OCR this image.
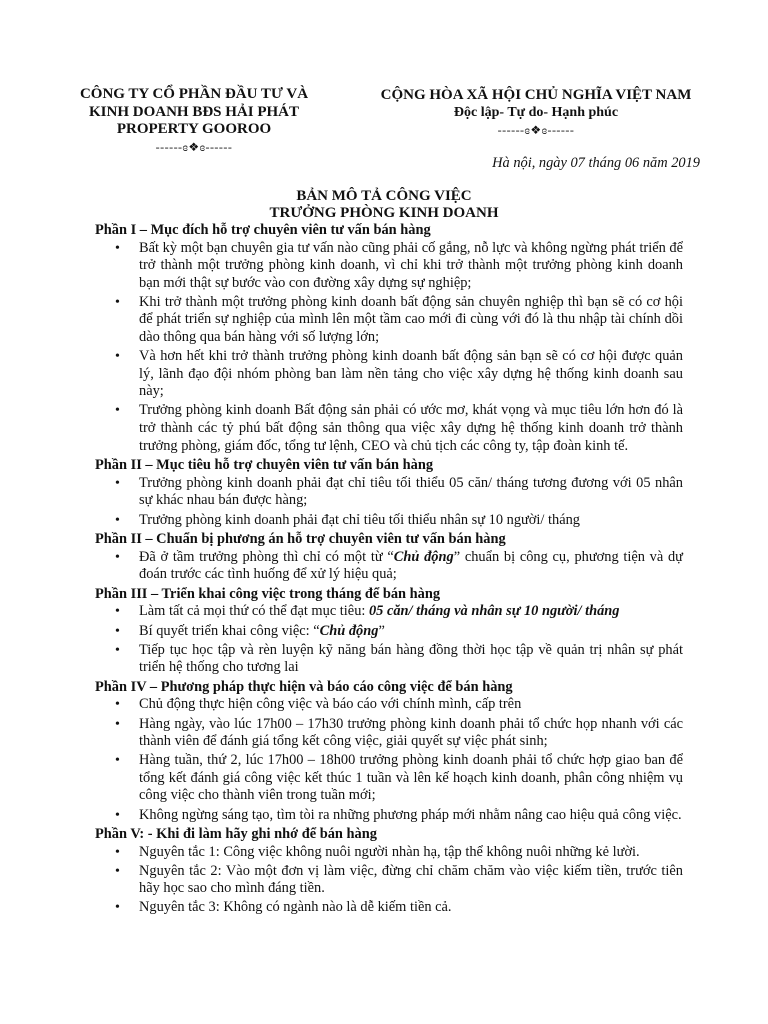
CÔNG TY CỔ PHẦN ĐẦU TƯ VÀ
KINH DOANH BĐS HẢI PHÁT
PROPERTY GOOROO
------ɞ❖ɞ------
CỘNG HÒA XÃ HỘI CHỦ NGHĨA VIỆT NAM
Độc lập- Tự do- Hạnh phúc
------ɞ❖ɞ------
Hà nội, ngày 07 tháng 06 năm 2019
BẢN MÔ TẢ CÔNG VIỆC
TRƯỞNG PHÒNG KINH DOANH
Phần I – Mục đích hỗ trợ chuyên viên tư vấn bán hàng
• Bất kỳ một bạn chuyên gia tư vấn nào cũng phải cố gắng, nỗ lực và không ngừng phát triển để trở thành một trưởng phòng kinh doanh, vì chỉ khi trở thành một trưởng phòng kinh doanh bạn mới thật sự bước vào con đường xây dựng sự nghiệp;
• Khi trở thành một trưởng phòng kinh doanh bất động sản chuyên nghiệp thì bạn sẽ có cơ hội để phát triển sự nghiệp của mình lên một tầm cao mới đi cùng với đó là thu nhập tài chính dồi dào thông qua bán hàng với số lượng lớn;
• Và hơn hết khi trở thành trưởng phòng kinh doanh bất động sản bạn sẽ có cơ hội được quản lý, lãnh đạo đội nhóm phòng ban làm nền tảng cho việc xây dựng hệ thống kinh doanh sau này;
• Trưởng phòng kinh doanh Bất động sản phải có ước mơ, khát vọng và mục tiêu lớn hơn đó là trở thành các tỷ phú bất động sản thông qua việc xây dựng hệ thống kinh doanh trở thành trưởng phòng, giám đốc, tổng tư lệnh, CEO và chủ tịch các công ty, tập đoàn kinh tế.
Phần II – Mục tiêu hỗ trợ chuyên viên tư vấn bán hàng
• Trưởng phòng kinh doanh phải đạt chỉ tiêu tối thiểu 05 căn/ tháng tương đương với 05 nhân sự khác nhau bán được hàng;
• Trưởng phòng kinh doanh phải đạt chỉ tiêu tối thiểu nhân sự 10 người/ tháng
Phần II – Chuẩn bị phương án hỗ trợ chuyên viên tư vấn bán hàng
• Đã ở tầm trưởng phòng thì chỉ có một từ “Chủ động” chuẩn bị công cụ, phương tiện và dự đoán trước các tình huống để xử lý hiệu quả;
Phần III – Triển khai công việc trong tháng để bán hàng
• Làm tất cả mọi thứ có thể đạt mục tiêu: 05 căn/ tháng và nhân sự 10 người/ tháng
• Bí quyết triển khai công việc: “Chủ động”
• Tiếp tục học tập và rèn luyện kỹ năng bán hàng đồng thời học tập về quản trị nhân sự phát triển hệ thống cho tương lai
Phần IV – Phương pháp thực hiện và báo cáo công việc để bán hàng
• Chủ động thực hiện công việc và báo cáo với chính mình, cấp trên
• Hàng ngày, vào lúc 17h00 – 17h30 trưởng phòng kinh doanh phải tổ chức họp nhanh với các thành viên để đánh giá tổng kết công việc, giải quyết sự việc phát sinh;
• Hàng tuần, thứ 2, lúc 17h00 – 18h00 trưởng phòng kinh doanh phải tổ chức hợp giao ban để tổng kết đánh giá công việc kết thúc 1 tuần và lên kế hoạch kinh doanh, phân công nhiệm vụ công việc cho thành viên trong tuần mới;
• Không ngừng sáng tạo, tìm tòi ra những phương pháp mới nhằm nâng cao hiệu quả công việc.
Phần V: - Khi đi làm hãy ghi nhớ để bán hàng
• Nguyên tắc 1: Công việc không nuôi người nhàn hạ, tập thể không nuôi những kẻ lười.
• Nguyên tắc 2: Vào một đơn vị làm việc, đừng chỉ chăm chăm vào việc kiếm tiền, trước tiên hãy học sao cho mình đáng tiền.
• Nguyên tắc 3: Không có ngành nào là dễ kiếm tiền cả.
